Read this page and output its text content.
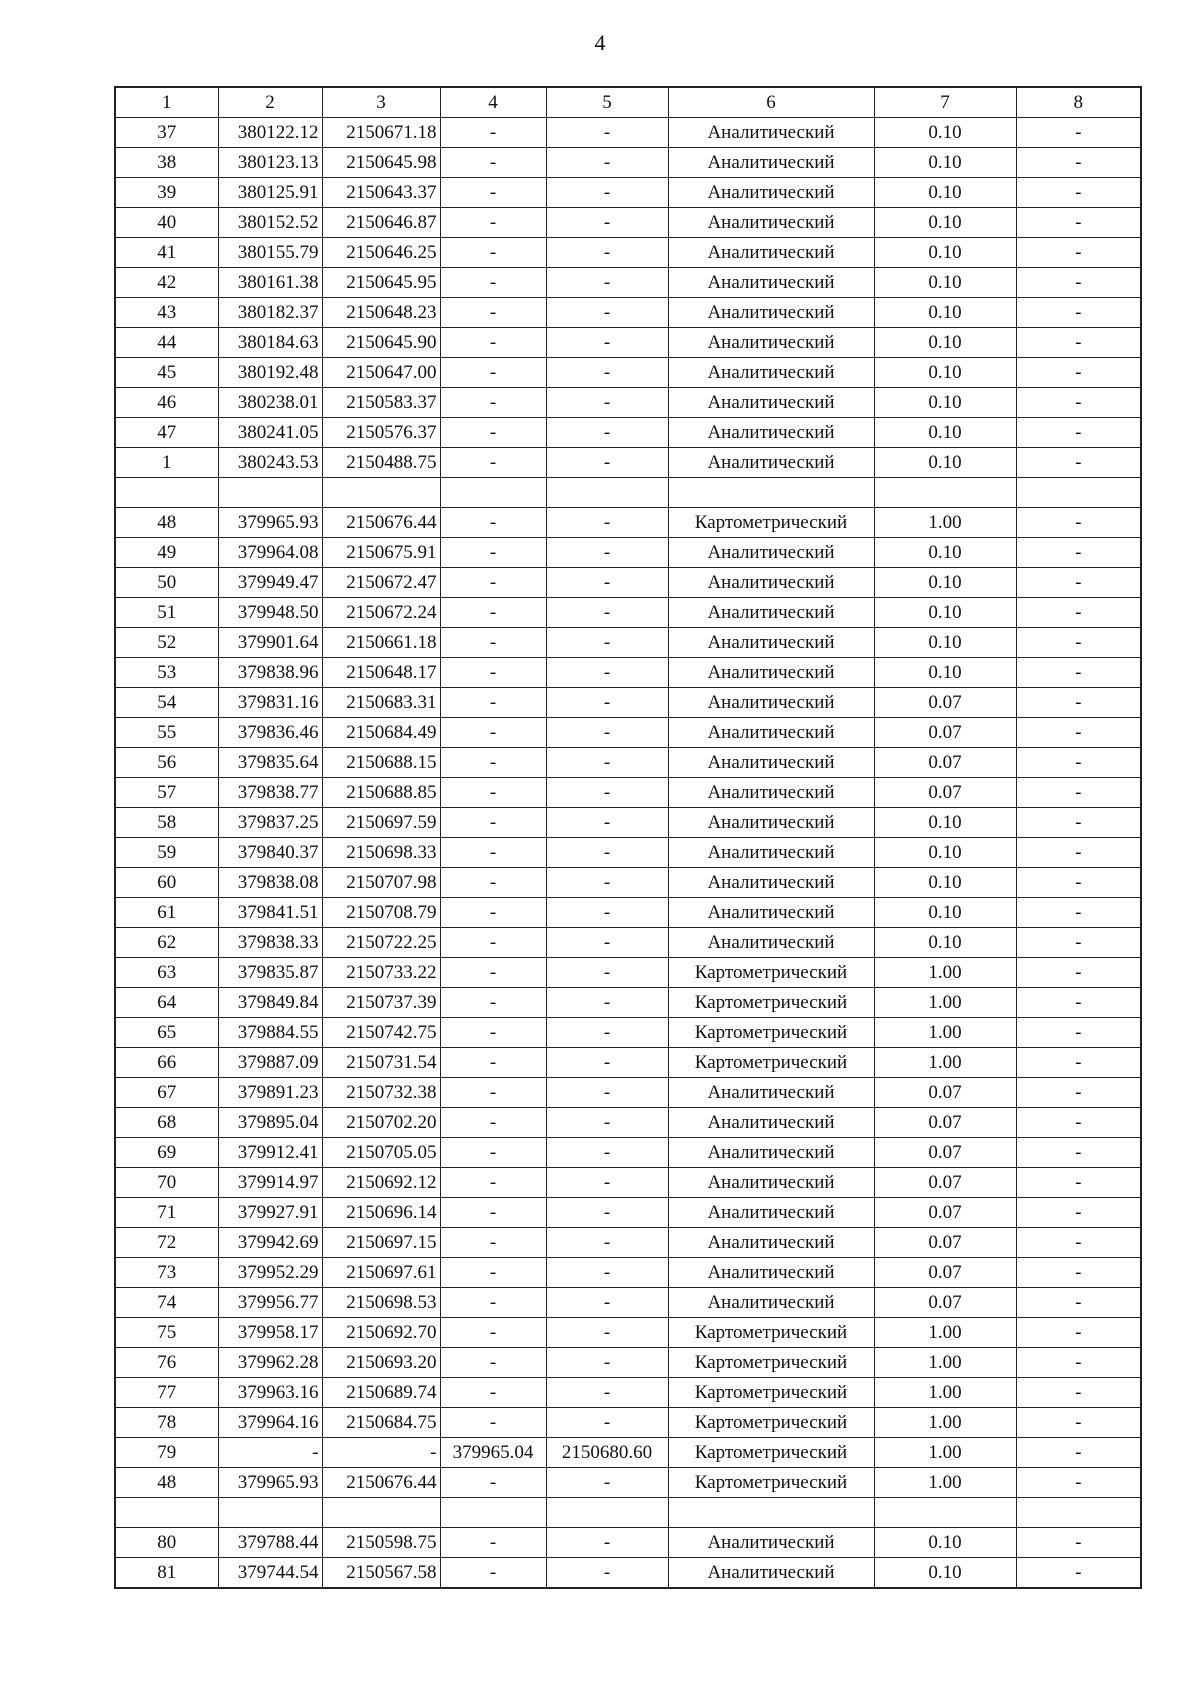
4
1	2	3	4	5	6	7	8
37	380122.12	2150671.18	-	-	Аналитический	0.10	-
38	380123.13	2150645.98	-	-	Аналитический	0.10	-
39	380125.91	2150643.37	-	-	Аналитический	0.10	-
40	380152.52	2150646.87	-	-	Аналитический	0.10	-
41	380155.79	2150646.25	-	-	Аналитический	0.10	-
42	380161.38	2150645.95	-	-	Аналитический	0.10	-
43	380182.37	2150648.23	-	-	Аналитический	0.10	-
44	380184.63	2150645.90	-	-	Аналитический	0.10	-
45	380192.48	2150647.00	-	-	Аналитический	0.10	-
46	380238.01	2150583.37	-	-	Аналитический	0.10	-
47	380241.05	2150576.37	-	-	Аналитический	0.10	-
1	380243.53	2150488.75	-	-	Аналитический	0.10	-

48	379965.93	2150676.44	-	-	Картометрический	1.00	-
49	379964.08	2150675.91	-	-	Аналитический	0.10	-
50	379949.47	2150672.47	-	-	Аналитический	0.10	-
51	379948.50	2150672.24	-	-	Аналитический	0.10	-
52	379901.64	2150661.18	-	-	Аналитический	0.10	-
53	379838.96	2150648.17	-	-	Аналитический	0.10	-
54	379831.16	2150683.31	-	-	Аналитический	0.07	-
55	379836.46	2150684.49	-	-	Аналитический	0.07	-
56	379835.64	2150688.15	-	-	Аналитический	0.07	-
57	379838.77	2150688.85	-	-	Аналитический	0.07	-
58	379837.25	2150697.59	-	-	Аналитический	0.10	-
59	379840.37	2150698.33	-	-	Аналитический	0.10	-
60	379838.08	2150707.98	-	-	Аналитический	0.10	-
61	379841.51	2150708.79	-	-	Аналитический	0.10	-
62	379838.33	2150722.25	-	-	Аналитический	0.10	-
63	379835.87	2150733.22	-	-	Картометрический	1.00	-
64	379849.84	2150737.39	-	-	Картометрический	1.00	-
65	379884.55	2150742.75	-	-	Картометрический	1.00	-
66	379887.09	2150731.54	-	-	Картометрический	1.00	-
67	379891.23	2150732.38	-	-	Аналитический	0.07	-
68	379895.04	2150702.20	-	-	Аналитический	0.07	-
69	379912.41	2150705.05	-	-	Аналитический	0.07	-
70	379914.97	2150692.12	-	-	Аналитический	0.07	-
71	379927.91	2150696.14	-	-	Аналитический	0.07	-
72	379942.69	2150697.15	-	-	Аналитический	0.07	-
73	379952.29	2150697.61	-	-	Аналитический	0.07	-
74	379956.77	2150698.53	-	-	Аналитический	0.07	-
75	379958.17	2150692.70	-	-	Картометрический	1.00	-
76	379962.28	2150693.20	-	-	Картометрический	1.00	-
77	379963.16	2150689.74	-	-	Картометрический	1.00	-
78	379964.16	2150684.75	-	-	Картометрический	1.00	-
79	-	-	379965.04	2150680.60	Картометрический	1.00	-
48	379965.93	2150676.44	-	-	Картометрический	1.00	-

80	379788.44	2150598.75	-	-	Аналитический	0.10	-
81	379744.54	2150567.58	-	-	Аналитический	0.10	-
